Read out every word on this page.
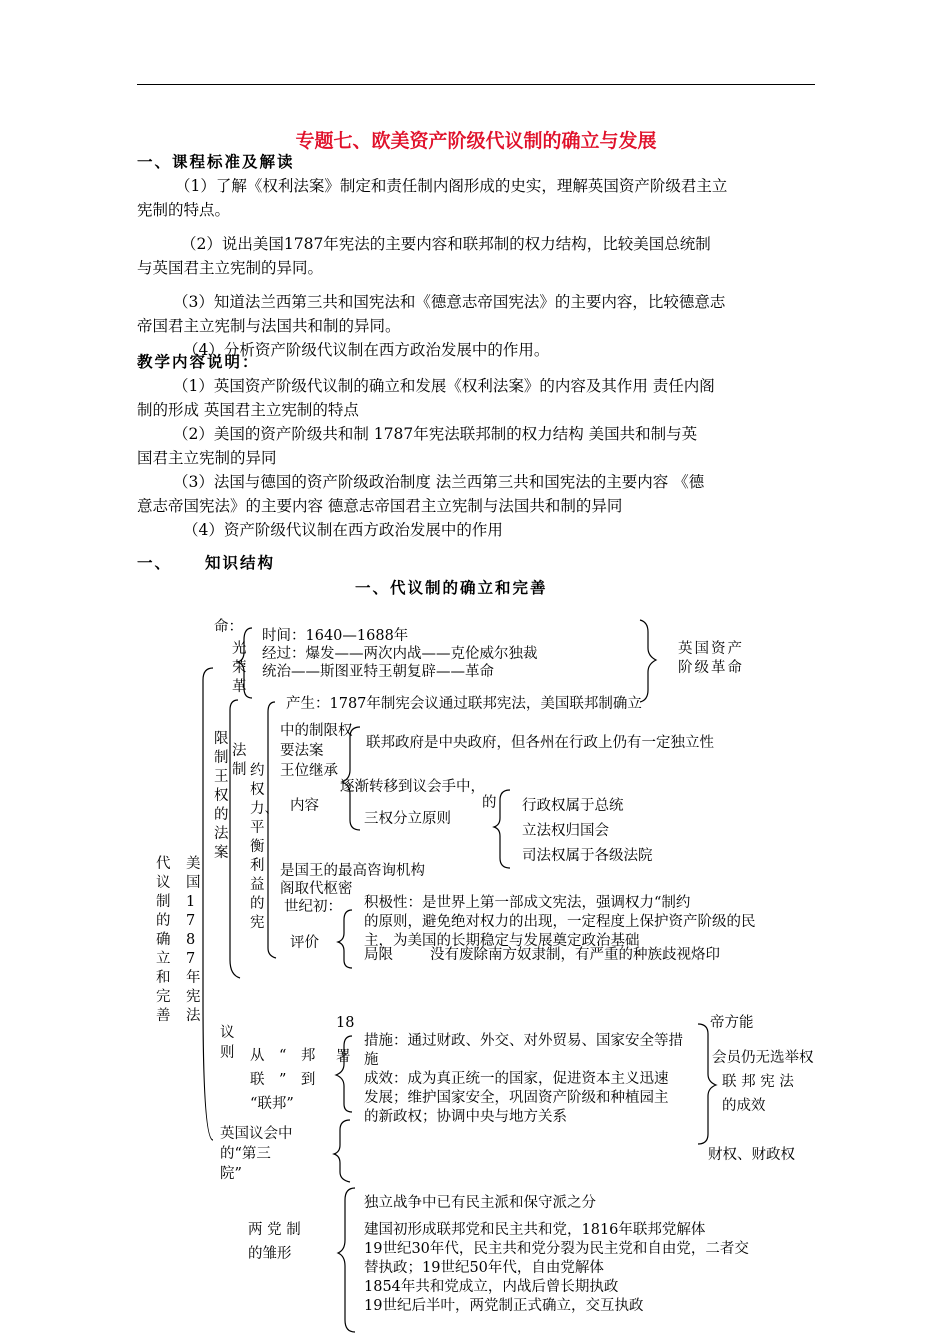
专题七、欧美资产阶级代议制的确立与发展
一、课程标准及解读
（1）了解《权利法案》制定和责任制内阁形成的史实，理解英国资产阶级君主立
宪制的特点。
（2）说出美国1787年宪法的主要内容和联邦制的权力结构，比较美国总统制
与英国君主立宪制的异同。
（3）知道法兰西第三共和国宪法和《德意志帝国宪法》的主要内容，比较德意志
帝国君主立宪制与法国共和制的异同。
（4）分析资产阶级代议制在西方政治发展中的作用。
教学内容说明：
（1）英国资产阶级代议制的确立和发展《权利法案》的内容及其作用 责任内阁
制的形成 英国君主立宪制的特点
（2）美国的资产阶级共和制 1787年宪法联邦制的权力结构 美国共和制与英
国君主立宪制的异同
（3）法国与德国的资产阶级政治制度 法兰西第三共和国宪法的主要内容 《德
意志帝国宪法》的主要内容 德意志帝国君主立宪制与法国共和制的异同
（4）资产阶级代议制在西方政治发展中的作用
一、 知识结构
一、代议制的确立和完善
命：
光荣革
时间：1640—1688年
经过：爆发——两次内战——克伦威尔独裁
统治——斯图亚特王朝复辟——革命
英国资产阶级革命
限制王权的法案
产生：1787年制宪会议通过联邦宪法，美国联邦制确立
中的制限权
法制
要法案
王位继承
约权力、平衡利益的宪
联邦政府是中央政府，但各州在行政上仍有一定独立性
逐渐转移到议会手中，
的
内容
三权分立原则
行政权属于总统
立法权归国会
司法权属于各级法院
代议制的确立和完善
美国1787年宪法
是国王的最高咨询机构
阁取代枢密
世纪初： 积极性：是世界上第一部成文宪法，强调权力“制约
的原则，避免绝对权力的出现，一定程度上保护资产阶级的民
主，为美国的长期稳定与发展奠定政治基础
评价
局限	没有废除南方奴隶制，有严重的种族歧视烙印
18
议
则
帝方能
会员仍无选举权
措施：通过财政、外交、对外贸易、国家安全等措
施
成效：成为真正统一的国家，促进资本主义迅速
发展；维护国家安全，巩固资产阶级和种植园主
的新政权；协调中央与地方关系
从　“　邦
联　”　到
“联邦”
署
联 邦 宪 法
的成效
财权、财政权
英国议会中
的“第三
院”
两 党 制
的雏形
独立战争中已有民主派和保守派之分
建国初形成联邦党和民主共和党，1816年联邦党解体
19世纪30年代，民主共和党分裂为民主党和自由党，二者交
替执政；19世纪50年代，自由党解体
1854年共和党成立，内战后曾长期执政
19世纪后半叶，两党制正式确立，交互执政
